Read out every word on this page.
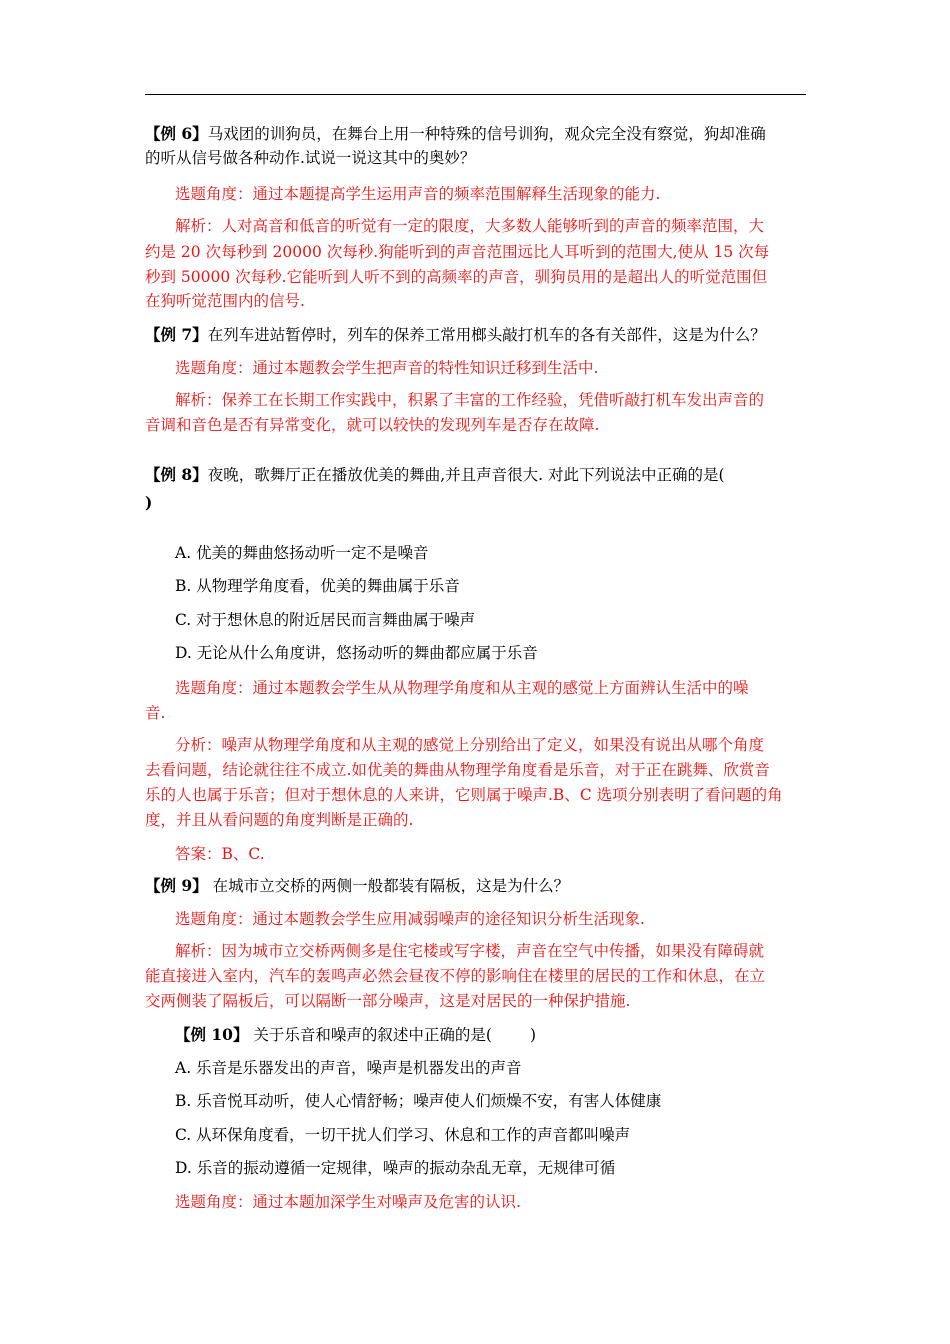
【例 6】马戏团的训狗员，在舞台上用一种特殊的信号训狗，观众完全没有察觉，狗却准确
的听从信号做各种动作.试说一说这其中的奥妙？
选题角度：通过本题提高学生运用声音的频率范围解释生活现象的能力.
解析：人对高音和低音的听觉有一定的限度，大多数人能够听到的声音的频率范围，大
约是 20 次每秒到 20000 次每秒.狗能听到的声音范围远比人耳听到的范围大,使从 15 次每
秒到 50000 次每秒.它能听到人听不到的高频率的声音，驯狗员用的是超出人的听觉范围但
在狗听觉范围内的信号.
【例 7】在列车进站暂停时，列车的保养工常用榔头敲打机车的各有关部件，这是为什么？
选题角度：通过本题教会学生把声音的特性知识迁移到生活中.
解析：保养工在长期工作实践中，积累了丰富的工作经验，凭借听敲打机车发出声音的
音调和音色是否有异常变化，就可以较快的发现列车是否存在故障.
【例 8】夜晚，歌舞厅正在播放优美的舞曲,并且声音很大. 对此下列说法中正确的是(
)
A. 优美的舞曲悠扬动听一定不是噪音
B. 从物理学角度看，优美的舞曲属于乐音
C. 对于想休息的附近居民而言舞曲属于噪声
D. 无论从什么角度讲，悠扬动听的舞曲都应属于乐音
选题角度：通过本题教会学生从从物理学角度和从主观的感觉上方面辨认生活中的噪
音.
分析：噪声从物理学角度和从主观的感觉上分别给出了定义，如果没有说出从哪个角度
去看问题，结论就往往不成立.如优美的舞曲从物理学角度看是乐音，对于正在跳舞、欣赏音
乐的人也属于乐音；但对于想休息的人来讲，它则属于噪声.B、C 选项分别表明了看问题的角
度，并且从看问题的角度判断是正确的.
答案：B、C.
【例 9】 在城市立交桥的两侧一般都装有隔板，这是为什么？
选题角度：通过本题教会学生应用减弱噪声的途径知识分析生活现象.
解析：因为城市立交桥两侧多是住宅楼或写字楼，声音在空气中传播，如果没有障碍就
能直接进入室内，汽车的轰鸣声必然会昼夜不停的影响住在楼里的居民的工作和休息，在立
交两侧装了隔板后，可以隔断一部分噪声，这是对居民的一种保护措施.
【例 10】 关于乐音和噪声的叙述中正确的是( )
A. 乐音是乐器发出的声音，噪声是机器发出的声音
B. 乐音悦耳动听，使人心情舒畅；噪声使人们烦燥不安，有害人体健康
C. 从环保角度看，一切干扰人们学习、休息和工作的声音都叫噪声
D. 乐音的振动遵循一定规律，噪声的振动杂乱无章，无规律可循
选题角度：通过本题加深学生对噪声及危害的认识.
